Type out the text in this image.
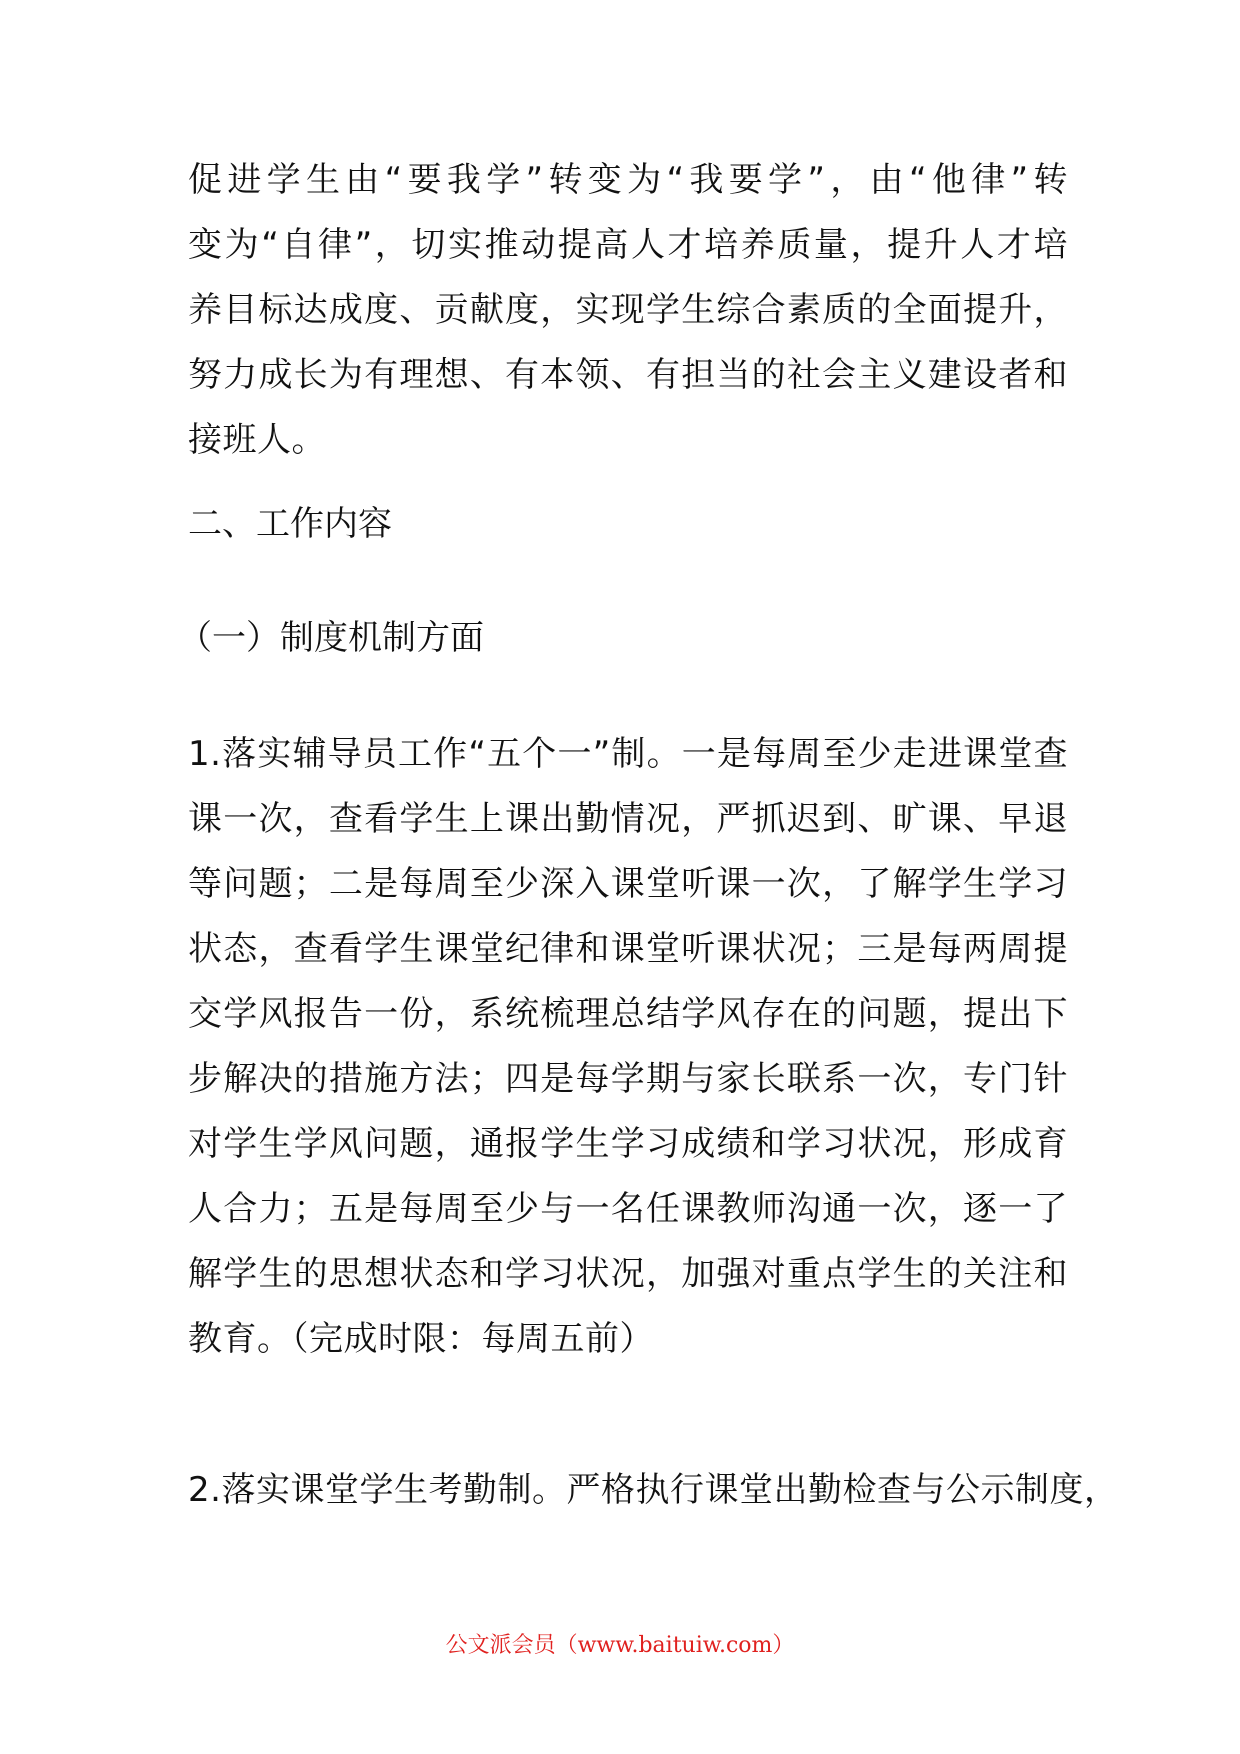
促进学生由“要我学”转变为“我要学”，由“他律”转
变为“自律”，切实推动提高人才培养质量，提升人才培
养目标达成度、贡献度，实现学生综合素质的全面提升，
努力成长为有理想、有本领、有担当的社会主义建设者和
接班人。
二、工作内容
（一）制度机制方面
1.落实辅导员工作“五个一”制。一是每周至少走进课堂查
课一次，查看学生上课出勤情况，严抓迟到、旷课、早退
等问题；二是每周至少深入课堂听课一次，了解学生学习
状态，查看学生课堂纪律和课堂听课状况；三是每两周提
交学风报告一份，系统梳理总结学风存在的问题，提出下
步解决的措施方法；四是每学期与家长联系一次，专门针
对学生学风问题，通报学生学习成绩和学习状况，形成育
人合力；五是每周至少与一名任课教师沟通一次，逐一了
解学生的思想状态和学习状况，加强对重点学生的关注和
教育。（完成时限：每周五前）
2.落实课堂学生考勤制。严格执行课堂出勤检查与公示制度，
公文派会员（www.baituiw.com）
